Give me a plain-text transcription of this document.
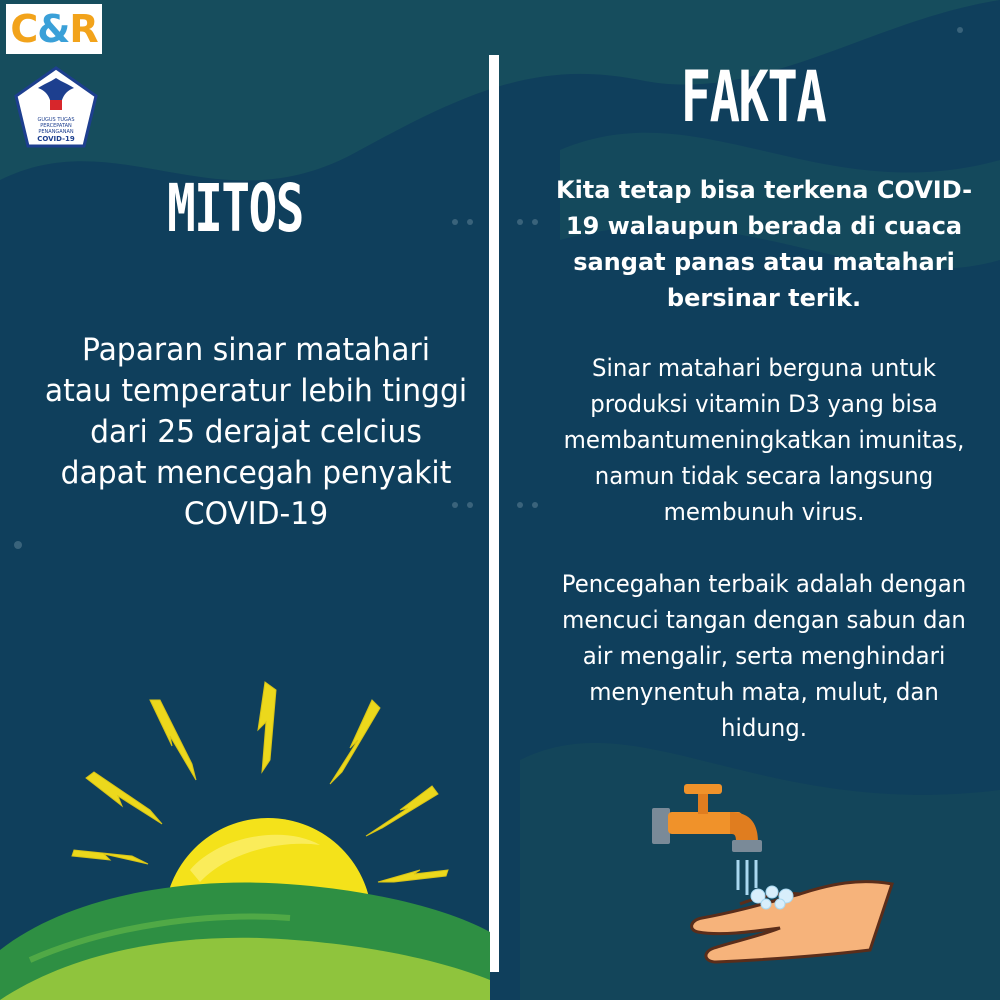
C & R
GUGUS TUGAS
PERCEPATAN
PENANGANAN
COVID-19
MITOS

Paparan sinar matahari atau temperatur lebih tinggi dari 25 derajat celcius dapat mencegah penyakit COVID-19

FAKTA

Kita tetap bisa terkena COVID-19 walaupun berada di cuaca sangat panas atau matahari bersinar terik.

Sinar matahari berguna untuk produksi vitamin D3 yang bisa membantumeningkatkan imunitas, namun tidak secara langsung membunuh virus.

Pencegahan terbaik adalah dengan mencuci tangan dengan sabun dan air mengalir, serta menghindari menynentuh mata, mulut, dan hidung.
